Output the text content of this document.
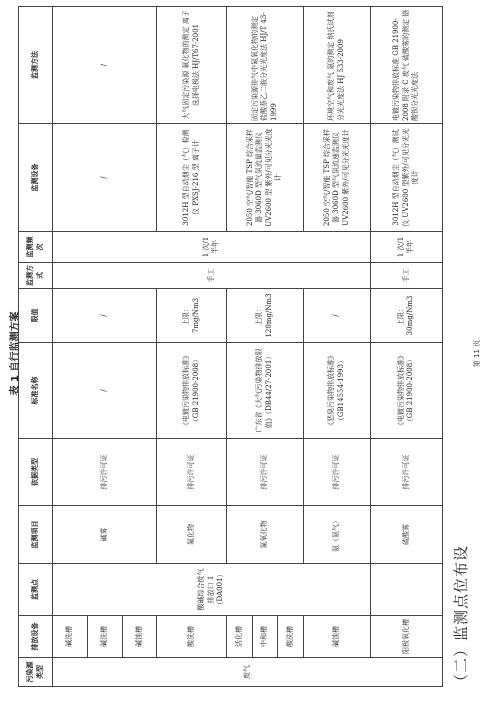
（二）监测点位布设
表 1 自行监测方案
污染源类型	排放设备	监测点	监测项目	依据类型	标准名称	限值	监测方式	监测频次	监测设备	监测方法
废气	碱洗槽	酸碱综合废气排放口 1（DA001）	碱雾	排污许可证	/	/	手工	1 次/1 半年	/	/
	碱洗槽									
	碱蚀槽									
	酸洗槽		氟化物	排污许可证	《电镀污染物排放标准》（GB 21900-2008）	上限：7mg/Nm3			3012H 型自动烟尘（气）检测仪 PXSJ-216 型 离子计	大气固定污染源 氟化物的测定 离子选择电极法 HJ/T67-2001
	活化槽		氮氧化物	排污许可证	广东省《大气污染物排放限值》（DB44/27-2001）	上限：120mg/Nm3			2050 空气/智能 TSP 综合采样器 3060D 型气氛流量监测仪 UV2600 型 紫外/可见分光光度计	固定污染源排气中氮氧化物的测定 盐酸萘乙二胺分光光度法 HJ/T 43-1999
	中和槽									
	酸洗槽									
	碱蚀槽		氨（氨气）	排污许可证	《恶臭污染物排放标准》（GB14554-1993）	/			2050 空气/智能 TSP 综合采样器 3060D 型气氛流速监测仪 UV2600 紫外/可见分光光度计	环境空气和废气 氨的测定 纳氏试剂分光光度法 HJ 533-2009
	阳极氧化槽		硫酸雾	排污许可证	《电镀污染物排放标准》（GB 21900-2008）	上限：30mg/Nm3	手工	1 次/1 半年	3012H 型自动烟尘（气）测试仪 UV2600 型紫外/可见分光光度计	电镀污染物排放标准 GB 21900-2008 附录 C 废气 硫酸雾的测定 铬酸钡分光光度法
第 11 页
